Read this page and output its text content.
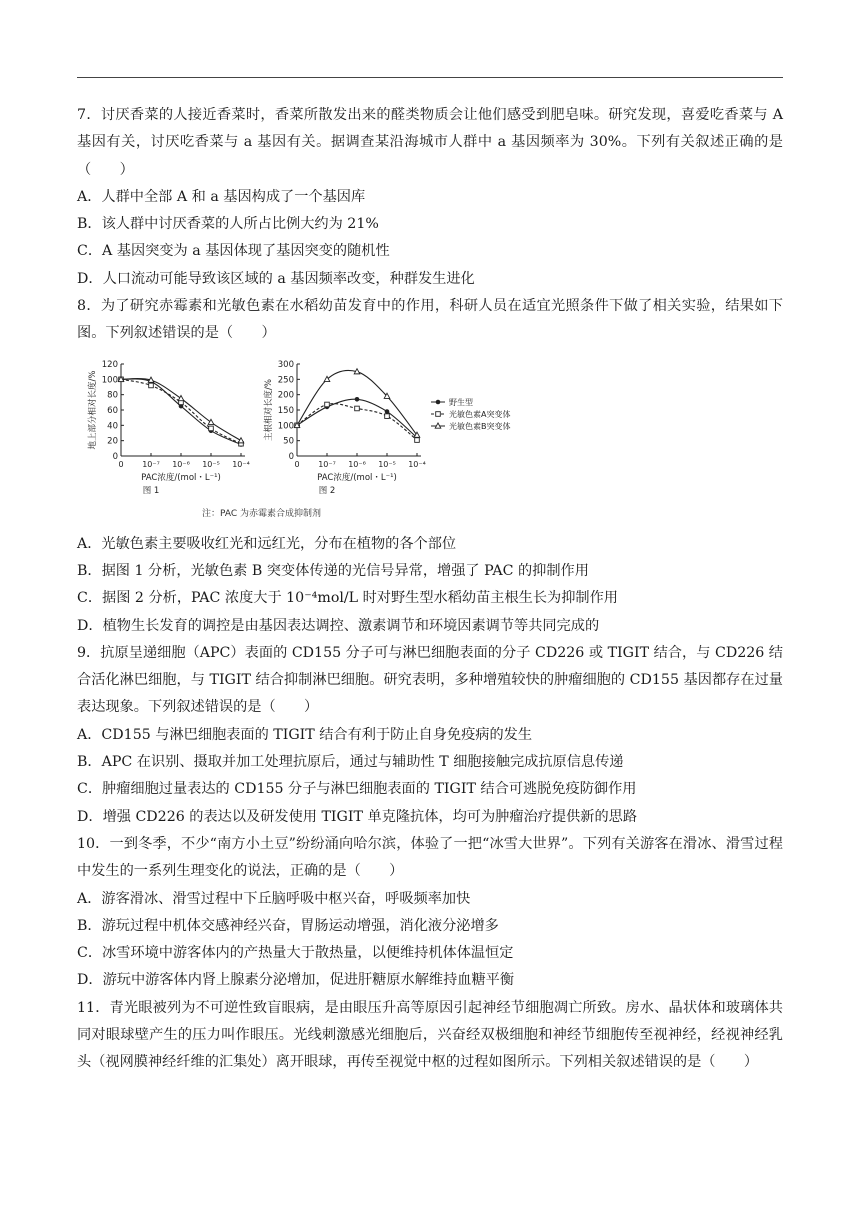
7．讨厌香菜的人接近香菜时，香菜所散发出来的醛类物质会让他们感受到肥皂味。研究发现，喜爱吃香菜与 A 基因有关，讨厌吃香菜与 a 基因有关。据调查某沿海城市人群中 a 基因频率为 30%。下列有关叙述正确的是（　　）

A．人群中全部 A 和 a 基因构成了一个基因库

B．该人群中讨厌香菜的人所占比例大约为 21%

C．A 基因突变为 a 基因体现了基因突变的随机性

D．人口流动可能导致该区域的 a 基因频率改变，种群发生进化

8．为了研究赤霉素和光敏色素在水稻幼苗发育中的作用，科研人员在适宜光照条件下做了相关实验，结果如下图。下列叙述错误的是（　　）

0
20
40
60
80
100
120
0 10⁻⁷ 10⁻⁶ 10⁻⁵ 10⁻⁴
地上部分相对长度/%
PAC浓度/(mol・L⁻¹)
图 1
0
50
100
150
200
250
300
0 10⁻⁷ 10⁻⁶ 10⁻⁵ 10⁻⁴
主根相对长度/%
PAC浓度/(mol・L⁻¹)
图 2
野生型
光敏色素A突变体
光敏色素B突变体
注：PAC 为赤霉素合成抑制剂

A．光敏色素主要吸收红光和远红光，分布在植物的各个部位

B．据图 1 分析，光敏色素 B 突变体传递的光信号异常，增强了 PAC 的抑制作用

C．据图 2 分析，PAC 浓度大于 10⁻⁴mol/L 时对野生型水稻幼苗主根生长为抑制作用

D．植物生长发育的调控是由基因表达调控、激素调节和环境因素调节等共同完成的

9．抗原呈递细胞（APC）表面的 CD155 分子可与淋巴细胞表面的分子 CD226 或 TIGIT 结合，与 CD226 结合活化淋巴细胞，与 TIGIT 结合抑制淋巴细胞。研究表明，多种增殖较快的肿瘤细胞的 CD155 基因都存在过量表达现象。下列叙述错误的是（　　）

A．CD155 与淋巴细胞表面的 TIGIT 结合有利于防止自身免疫病的发生

B．APC 在识别、摄取并加工处理抗原后，通过与辅助性 T 细胞接触完成抗原信息传递

C．肿瘤细胞过量表达的 CD155 分子与淋巴细胞表面的 TIGIT 结合可逃脱免疫防御作用

D．增强 CD226 的表达以及研发使用 TIGIT 单克隆抗体，均可为肿瘤治疗提供新的思路

10．一到冬季，不少“南方小土豆”纷纷涌向哈尔滨，体验了一把“冰雪大世界”。下列有关游客在滑冰、滑雪过程中发生的一系列生理变化的说法，正确的是（　　）

A．游客滑冰、滑雪过程中下丘脑呼吸中枢兴奋，呼吸频率加快

B．游玩过程中机体交感神经兴奋，胃肠运动增强，消化液分泌增多

C．冰雪环境中游客体内的产热量大于散热量，以便维持机体体温恒定

D．游玩中游客体内肾上腺素分泌增加，促进肝糖原水解维持血糖平衡

11．青光眼被列为不可逆性致盲眼病，是由眼压升高等原因引起神经节细胞凋亡所致。房水、晶状体和玻璃体共同对眼球壁产生的压力叫作眼压。光线刺激感光细胞后，兴奋经双极细胞和神经节细胞传至视神经，经视神经乳头（视网膜神经纤维的汇集处）离开眼球，再传至视觉中枢的过程如图所示。下列相关叙述错误的是（　　）
